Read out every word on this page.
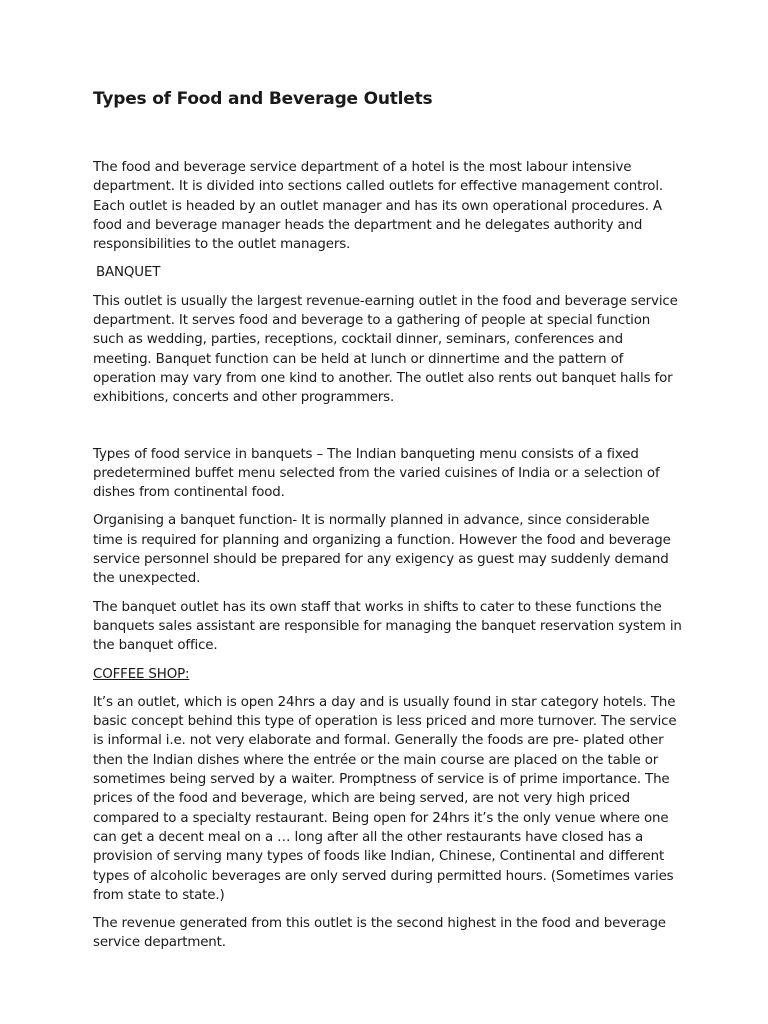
Types of Food and Beverage Outlets

The food and beverage service department of a hotel is the most labour intensive department. It is divided into sections called outlets for effective management control. Each outlet is headed by an outlet manager and has its own operational procedures. A food and beverage manager heads the department and he delegates authority and responsibilities to the outlet managers.

BANQUET

This outlet is usually the largest revenue-earning outlet in the food and beverage service department. It serves food and beverage to a gathering of people at special function such as wedding, parties, receptions, cocktail dinner, seminars, conferences and meeting. Banquet function can be held at lunch or dinnertime and the pattern of operation may vary from one kind to another. The outlet also rents out banquet halls for exhibitions, concerts and other programmers.

Types of food service in banquets – The Indian banqueting menu consists of a fixed predetermined buffet menu selected from the varied cuisines of India or a selection of dishes from continental food.

Organising a banquet function- It is normally planned in advance, since considerable time is required for planning and organizing a function. However the food and beverage service personnel should be prepared for any exigency as guest may suddenly demand the unexpected.

The banquet outlet has its own staff that works in shifts to cater to these functions the banquets sales assistant are responsible for managing the banquet reservation system in the banquet office.

COFFEE SHOP:

It’s an outlet, which is open 24hrs a day and is usually found in star category hotels. The basic concept behind this type of operation is less priced and more turnover. The service is informal i.e. not very elaborate and formal. Generally the foods are pre- plated other then the Indian dishes where the entrée or the main course are placed on the table or sometimes being served by a waiter. Promptness of service is of prime importance. The prices of the food and beverage, which are being served, are not very high priced compared to a specialty restaurant. Being open for 24hrs it’s the only venue where one can get a decent meal on a … long after all the other restaurants have closed has a provision of serving many types of foods like Indian, Chinese, Continental and different types of alcoholic beverages are only served during permitted hours. (Sometimes varies from state to state.)

The revenue generated from this outlet is the second highest in the food and beverage service department.
